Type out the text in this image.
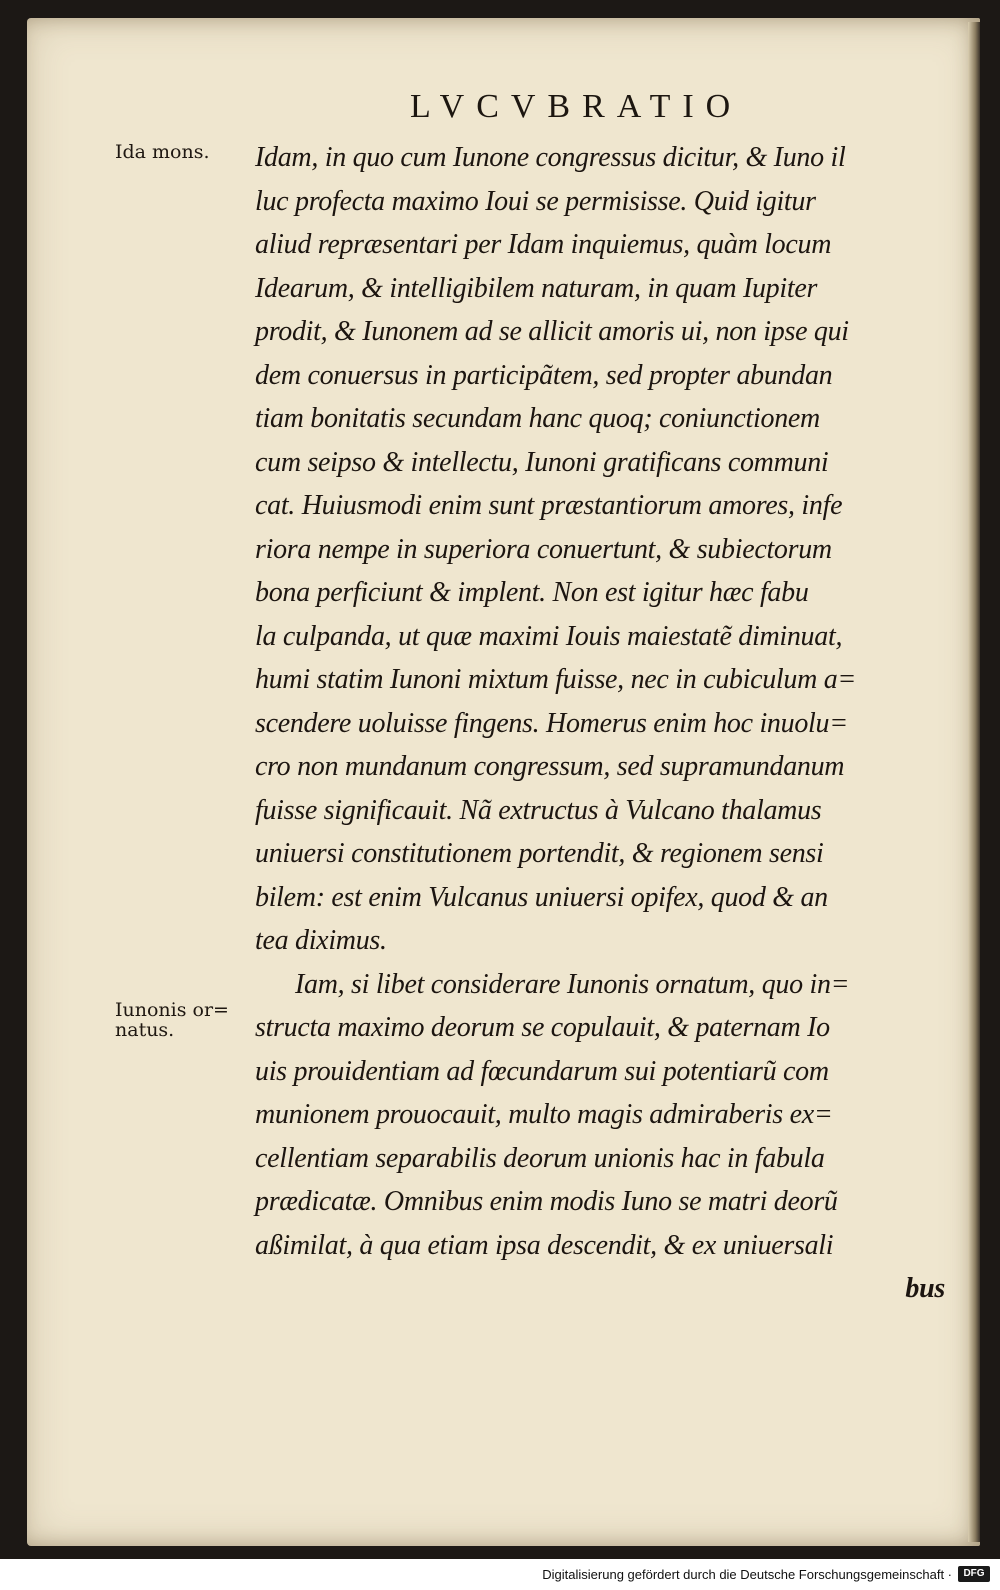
LVCVBRATIO
Ida mons.
Iunonis or= natus.
Idam, in quo cum Iunone congressus dicitur, & Iuno il
luc profecta maximo Ioui se permisisse. Quid igitur
aliud repræsentari per Idam inquiemus, quàm locum
Idearum, & intelligibilem naturam, in quam Iupiter
prodit, & Iunonem ad se allicit amoris ui, non ipse qui
dem conuersus in participãtem, sed propter abundan
tiam bonitatis secundam hanc quoq; coniunctionem
cum seipso & intellectu, Iunoni gratificans communi
cat. Huiusmodi enim sunt præstantiorum amores, infe
riora nempe in superiora conuertunt, & subiectorum
bona perficiunt & implent. Non est igitur hæc fabu
la culpanda, ut quæ maximi Iouis maiestatẽ diminuat,
humi statim Iunoni mixtum fuisse, nec in cubiculum a=
scendere uoluisse fingens. Homerus enim hoc inuolu=
cro non mundanum congressum, sed supramundanum
fuisse significauit. Nã extructus à Vulcano thalamus
uniuersi constitutionem portendit, & regionem sensi
bilem: est enim Vulcanus uniuersi opifex, quod & an
tea diximus.
Iam, si libet considerare Iunonis ornatum, quo in=
structa maximo deorum se copulauit, & paternam Io
uis prouidentiam ad fœcundarum sui potentiarũ com
munionem prouocauit, multo magis admiraberis ex=
cellentiam separabilis deorum unionis hac in fabula
prædicatæ. Omnibus enim modis Iuno se matri deorũ
aßimilat, à qua etiam ipsa descendit, & ex uniuersali
bus
Digitalisierung gefördert durch die Deutsche Forschungsgemeinschaft ·	DFG
